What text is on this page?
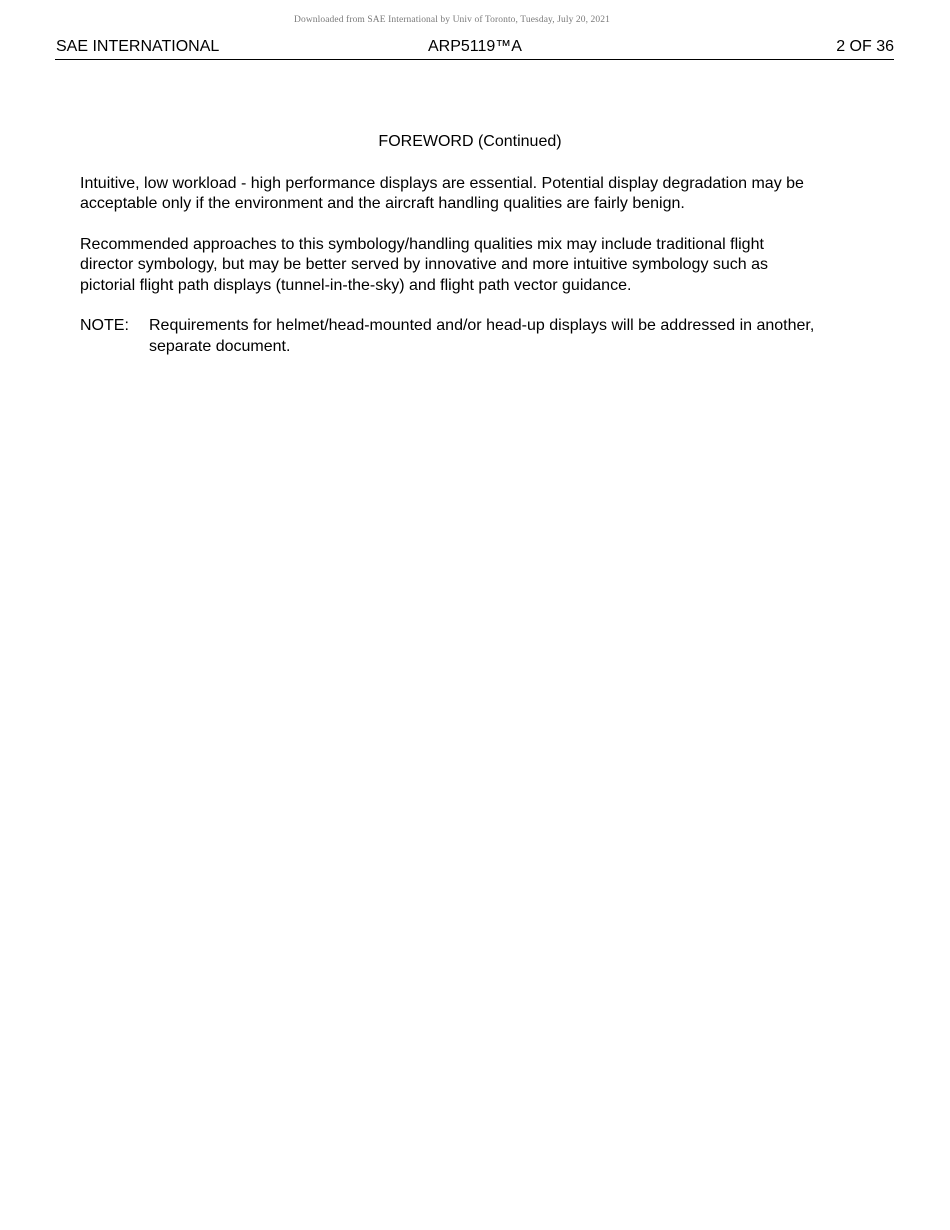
Downloaded from SAE International by Univ of Toronto, Tuesday, July 20, 2021
SAE INTERNATIONAL	ARP5119™A	2 OF 36
FOREWORD (Continued)
Intuitive, low workload - high performance displays are essential. Potential display degradation may be
acceptable only if the environment and the aircraft handling qualities are fairly benign.
Recommended approaches to this symbology/handling qualities mix may include traditional flight
director symbology, but may be better served by innovative and more intuitive symbology such as
pictorial flight path displays (tunnel-in-the-sky) and flight path vector guidance.
NOTE:	Requirements for helmet/head-mounted and/or head-up displays will be addressed in another,
separate document.
